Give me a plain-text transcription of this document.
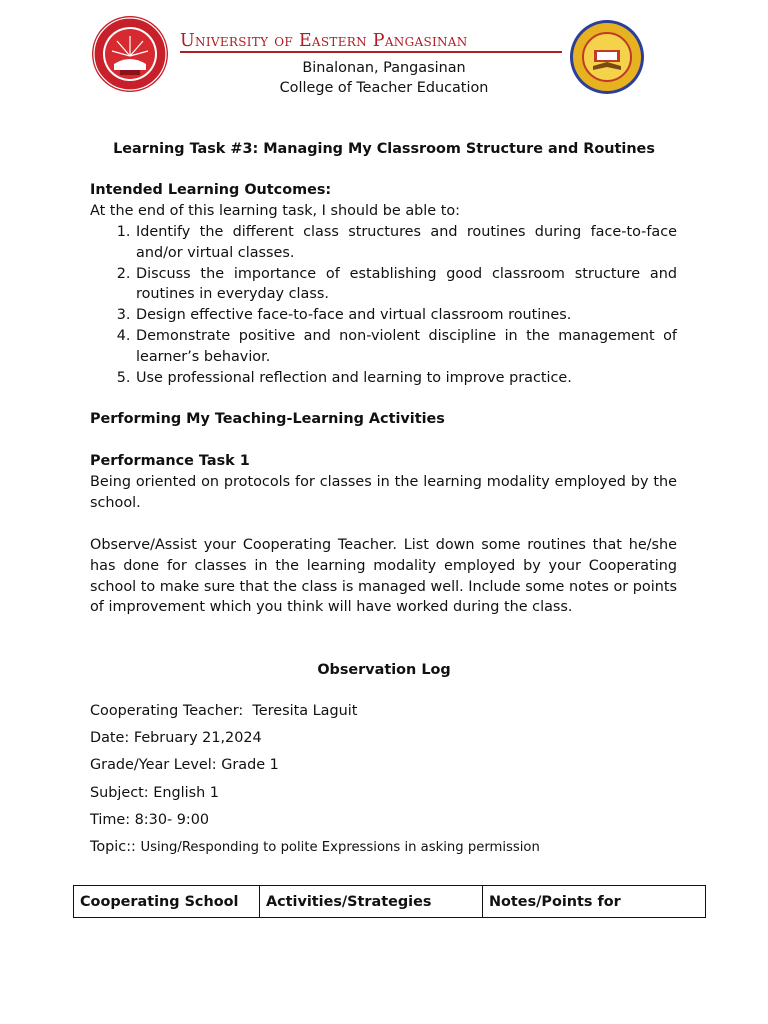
University of Eastern Pangasinan
Binalonan, Pangasinan
College of Teacher Education
Learning Task #3: Managing My Classroom Structure and Routines
Intended Learning Outcomes:
At the end of this learning task, I should be able to:
1. Identify the different class structures and routines during face-to-face and/or virtual classes.
2. Discuss the importance of establishing good classroom structure and routines in everyday class.
3. Design effective face-to-face and virtual classroom routines.
4. Demonstrate positive and non-violent discipline in the management of learner’s behavior.
5. Use professional reflection and learning to improve practice.
Performing My Teaching-Learning Activities
Performance Task 1
Being oriented on protocols for classes in the learning modality employed by the school.
Observe/Assist your Cooperating Teacher. List down some routines that he/she has done for classes in the learning modality employed by your Cooperating school to make sure that the class is managed well. Include some notes or points of improvement which you think will have worked during the class.
Observation Log
Cooperating Teacher: Teresita Laguit
Date: February 21,2024
Grade/Year Level: Grade 1
Subject: English 1
Time: 8:30- 9:00
Topic:: Using/Responding to polite Expressions in asking permission
Cooperating School	Activities/Strategies	Notes/Points for
